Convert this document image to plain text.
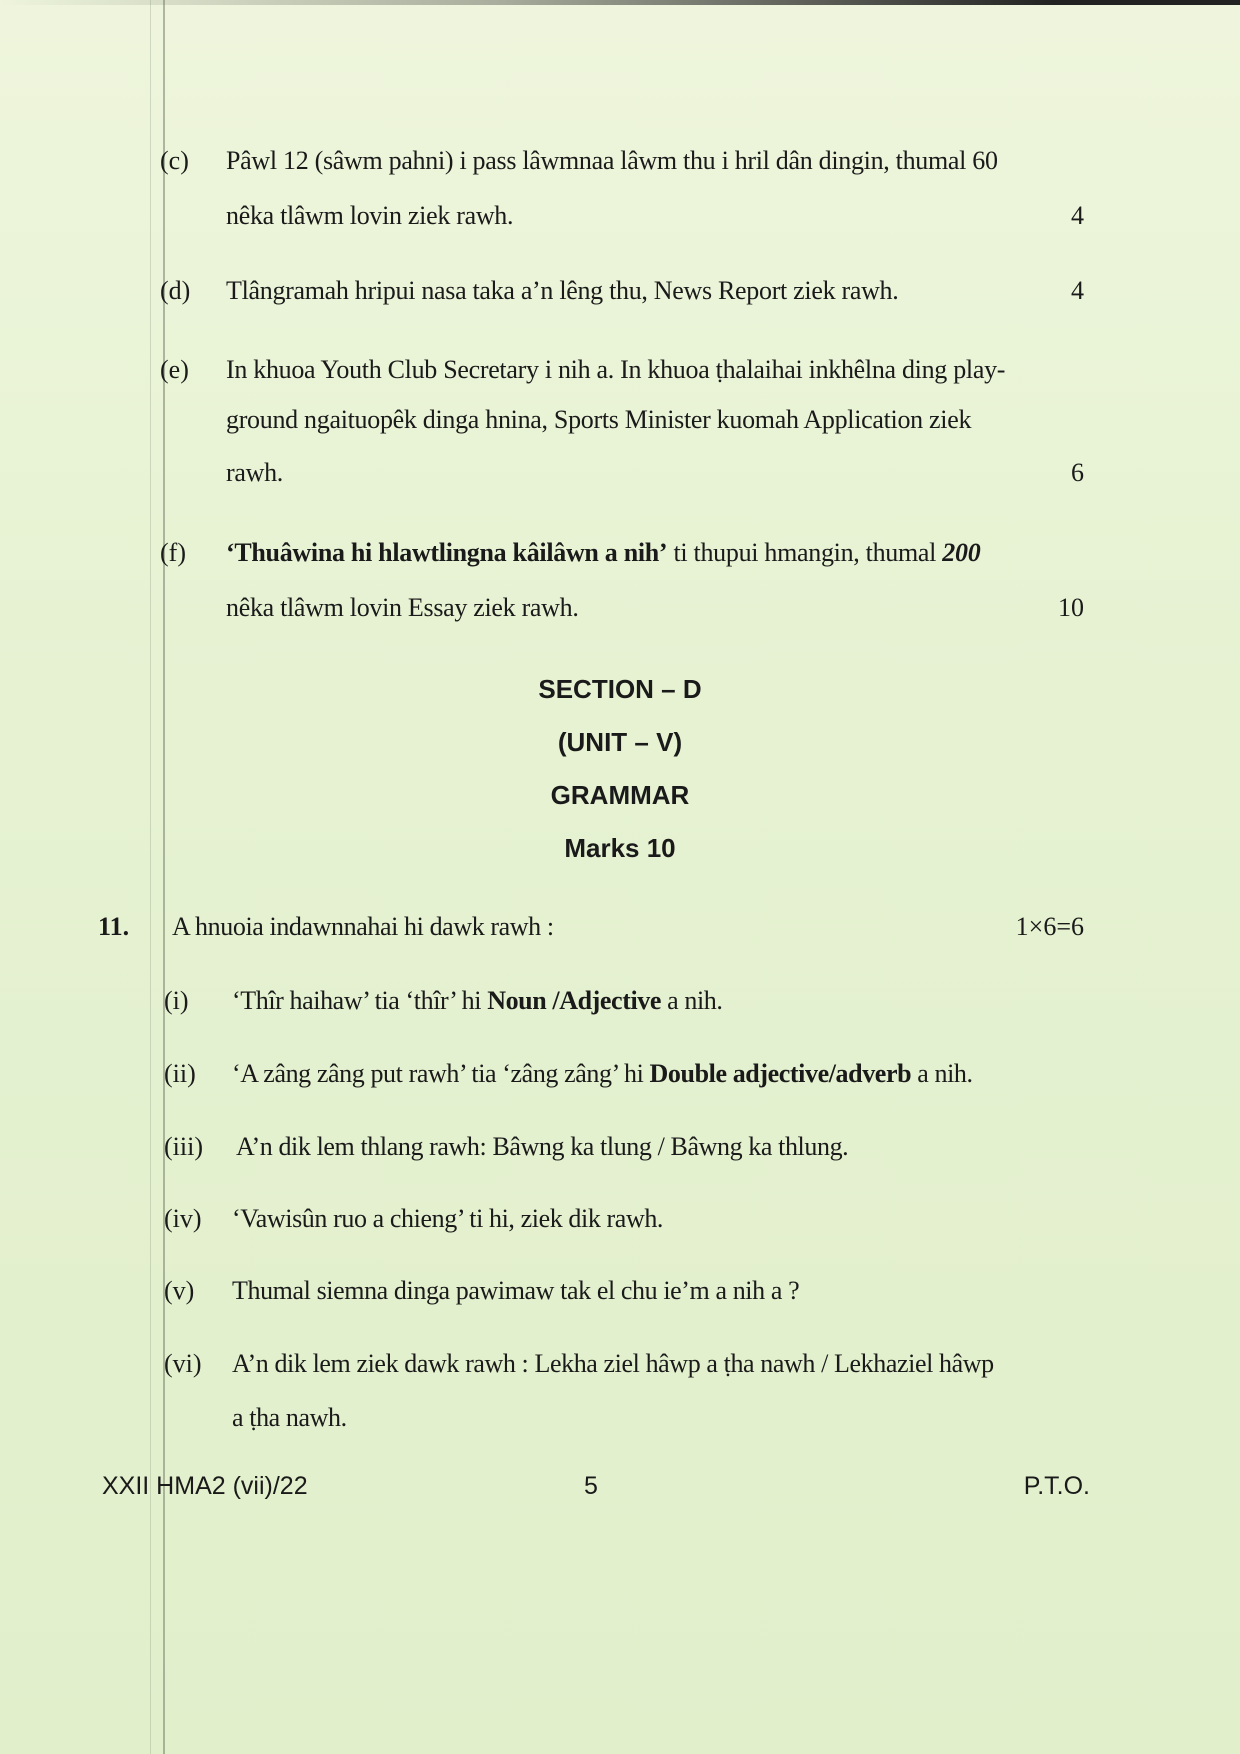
(c) Pâwl 12 (sâwm pahni) i pass lâwmnaa lâwm thu i hril dân dingin, thumal 60
nêka tlâwm lovin ziek rawh.	4
(d) Tlângramah hripui nasa taka a’n lêng thu, News Report ziek rawh.	4
(e) In khuoa Youth Club Secretary i nih a. In khuoa ṭhalaihai inkhêlna ding play-
ground ngaituopêk dinga hnina, Sports Minister kuomah Application ziek
rawh.	6
(f) ‘Thuâwina hi hlawtlingna kâilâwn a nih’ ti thupui hmangin, thumal 200
nêka tlâwm lovin Essay ziek rawh.	10
SECTION – D
(UNIT – V)
GRAMMAR
Marks 10
11. A hnuoia indawnnahai hi dawk rawh :	1×6=6
(i) ‘Thîr haihaw’ tia ‘thîr’ hi Noun /Adjective a nih.
(ii) ‘A zâng zâng put rawh’ tia ‘zâng zâng’ hi Double adjective/adverb a nih.
(iii) A’n dik lem thlang rawh: Bâwng ka tlung / Bâwng ka thlung.
(iv) ‘Vawisûn ruo a chieng’ ti hi, ziek dik rawh.
(v) Thumal siemna dinga pawimaw tak el chu ie’m a nih a ?
(vi) A’n dik lem ziek dawk rawh : Lekha ziel hâwp a ṭha nawh / Lekhaziel hâwp
a ṭha nawh.
XXII HMA2 (vii)/22	5	P.T.O.
